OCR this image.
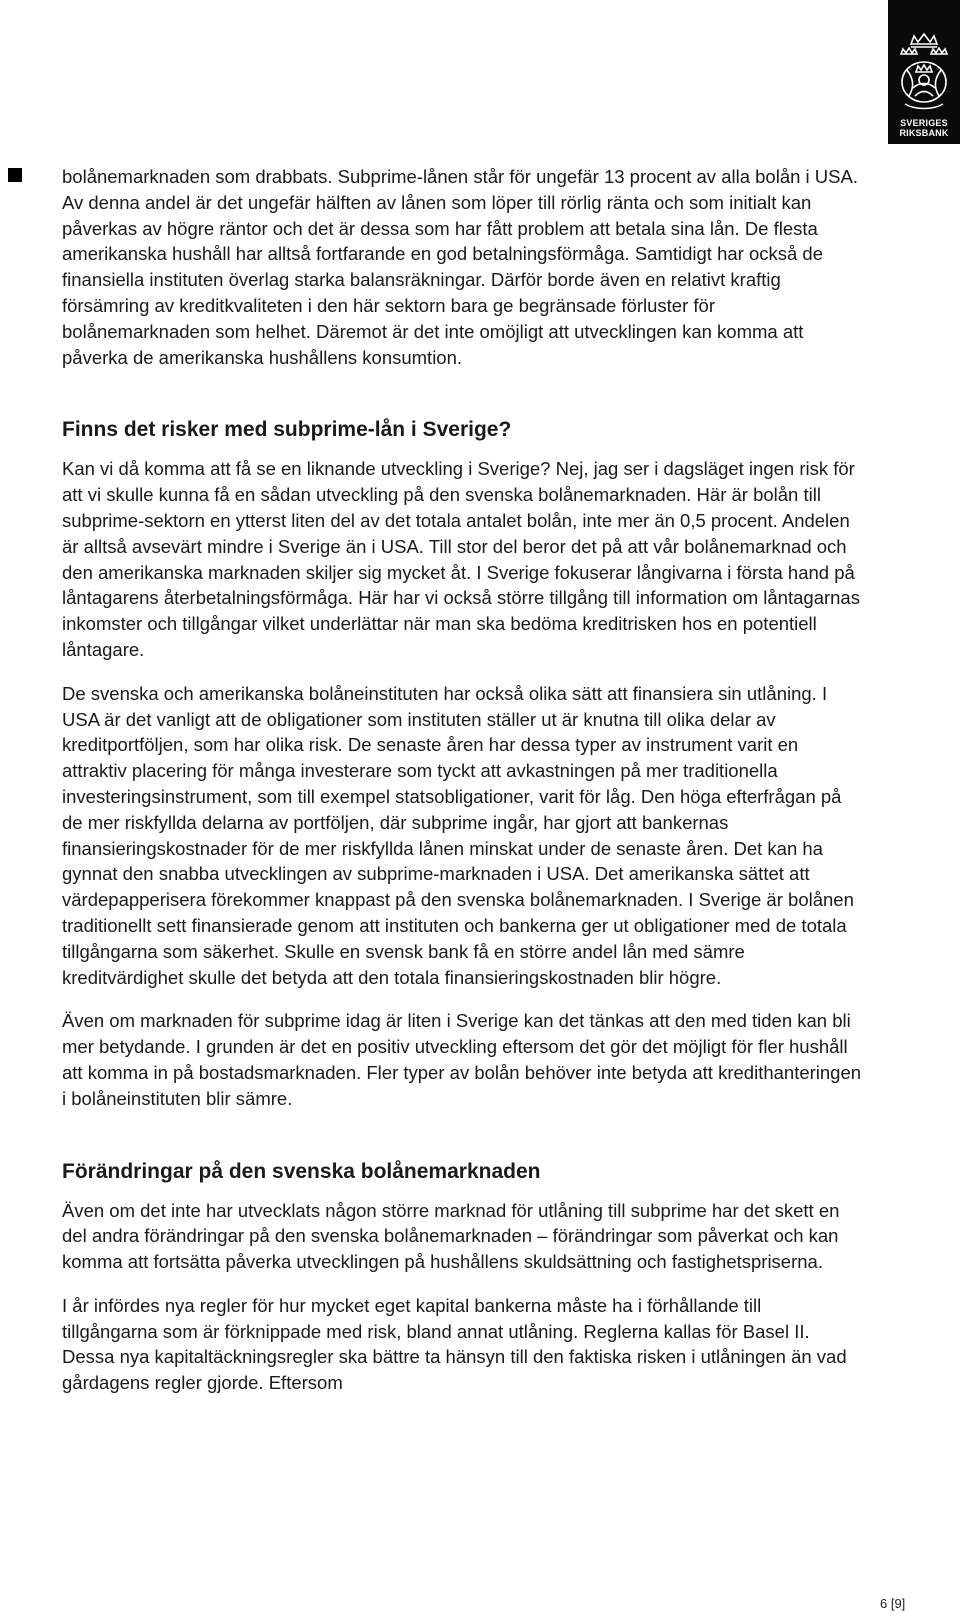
SVERIGES
RIKSBANK

bolånemarknaden som drabbats. Subprime-lånen står för ungefär 13 procent av alla bolån i USA. Av denna andel är det ungefär hälften av lånen som löper till rörlig ränta och som initialt kan påverkas av högre räntor och det är dessa som har fått problem att betala sina lån. De flesta amerikanska hushåll har alltså fortfarande en god betalningsförmåga. Samtidigt har också de finansiella instituten överlag starka balansräkningar. Därför borde även en relativt kraftig försämring av kreditkvaliteten i den här sektorn bara ge begränsade förluster för bolånemarknaden som helhet. Däremot är det inte omöjligt att utvecklingen kan komma att påverka de amerikanska hushållens konsumtion.

Finns det risker med subprime-lån i Sverige?

Kan vi då komma att få se en liknande utveckling i Sverige? Nej, jag ser i dagsläget ingen risk för att vi skulle kunna få en sådan utveckling på den svenska bolånemarknaden. Här är bolån till subprime-sektorn en ytterst liten del av det totala antalet bolån, inte mer än 0,5 procent. Andelen är alltså avsevärt mindre i Sverige än i USA. Till stor del beror det på att vår bolånemarknad och den amerikanska marknaden skiljer sig mycket åt. I Sverige fokuserar långivarna i första hand på låntagarens återbetalningsförmåga. Här har vi också större tillgång till information om låntagarnas inkomster och tillgångar vilket underlättar när man ska bedöma kreditrisken hos en potentiell låntagare.

De svenska och amerikanska bolåneinstituten har också olika sätt att finansiera sin utlåning. I USA är det vanligt att de obligationer som instituten ställer ut är knutna till olika delar av kreditportföljen, som har olika risk. De senaste åren har dessa typer av instrument varit en attraktiv placering för många investerare som tyckt att avkastningen på mer traditionella investeringsinstrument, som till exempel statsobligationer, varit för låg. Den höga efterfrågan på de mer riskfyllda delarna av portföljen, där subprime ingår, har gjort att bankernas finansieringskostnader för de mer riskfyllda lånen minskat under de senaste åren. Det kan ha gynnat den snabba utvecklingen av subprime-marknaden i USA. Det amerikanska sättet att värdepapperisera förekommer knappast på den svenska bolånemarknaden. I Sverige är bolånen traditionellt sett finansierade genom att instituten och bankerna ger ut obligationer med de totala tillgångarna som säkerhet. Skulle en svensk bank få en större andel lån med sämre kreditvärdighet skulle det betyda att den totala finansieringskostnaden blir högre.

Även om marknaden för subprime idag är liten i Sverige kan det tänkas att den med tiden kan bli mer betydande. I grunden är det en positiv utveckling eftersom det gör det möjligt för fler hushåll att komma in på bostadsmarknaden. Fler typer av bolån behöver inte betyda att kredithanteringen i bolåneinstituten blir sämre.

Förändringar på den svenska bolånemarknaden

Även om det inte har utvecklats någon större marknad för utlåning till subprime har det skett en del andra förändringar på den svenska bolånemarknaden – förändringar som påverkat och kan komma att fortsätta påverka utvecklingen på hushållens skuldsättning och fastighetspriserna.

I år infördes nya regler för hur mycket eget kapital bankerna måste ha i förhållande till tillgångarna som är förknippade med risk, bland annat utlåning. Reglerna kallas för Basel II. Dessa nya kapitaltäckningsregler ska bättre ta hänsyn till den faktiska risken i utlåningen än vad gårdagens regler gjorde. Eftersom

6 [9]
